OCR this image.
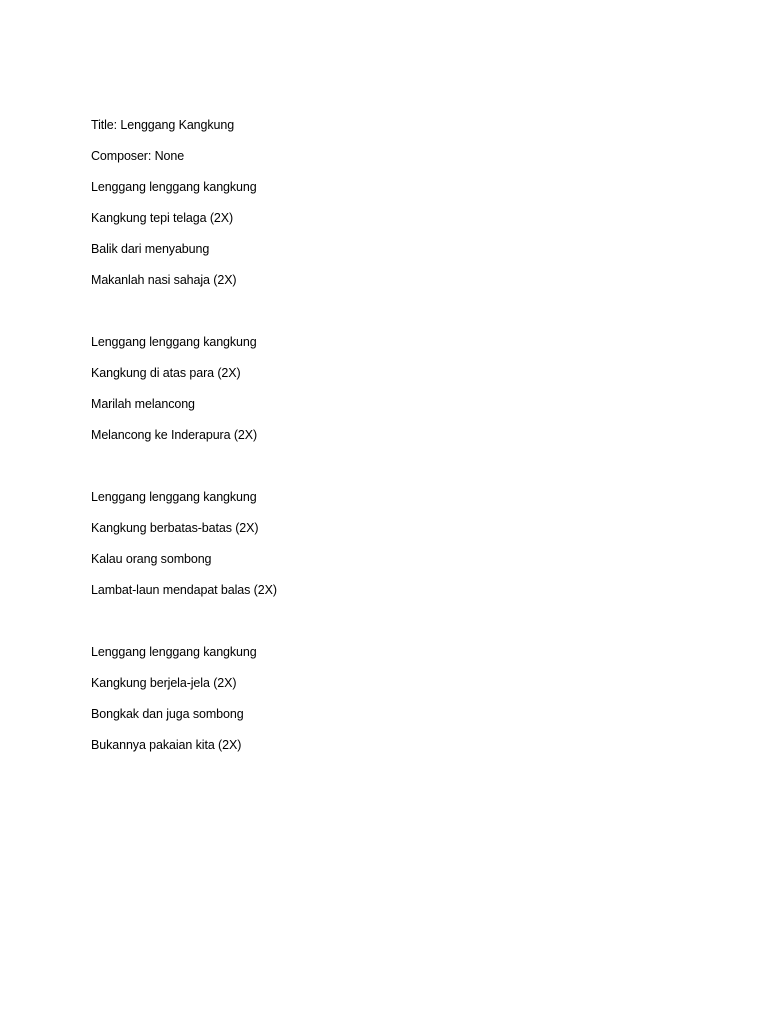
Title: Lenggang Kangkung
Composer: None
Lenggang lenggang kangkung
Kangkung tepi telaga (2X)
Balik dari menyabung
Makanlah nasi sahaja (2X)
Lenggang lenggang kangkung
Kangkung di atas para (2X)
Marilah melancong
Melancong ke Inderapura (2X)
Lenggang lenggang kangkung
Kangkung berbatas-batas (2X)
Kalau orang sombong
Lambat-laun mendapat balas (2X)
Lenggang lenggang kangkung
Kangkung berjela-jela (2X)
Bongkak dan juga sombong
Bukannya pakaian kita (2X)
